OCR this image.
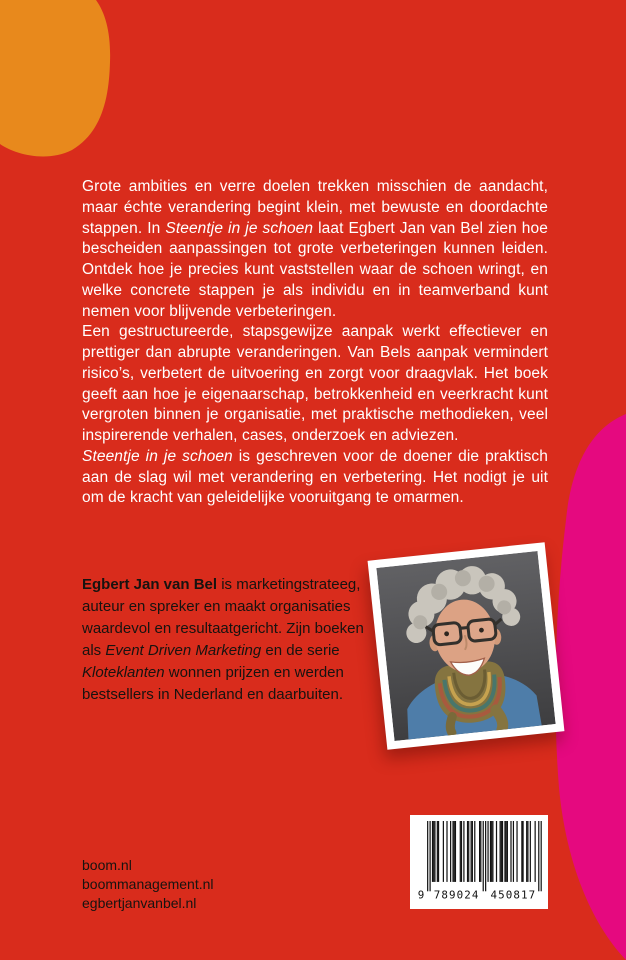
Grote ambities en verre doelen trekken misschien de aandacht, maar échte verandering begint klein, met bewuste en doordachte stappen. In Steentje in je schoen laat Egbert Jan van Bel zien hoe bescheiden aanpassingen tot grote verbeteringen kunnen leiden. Ontdek hoe je precies kunt vaststellen waar de schoen wringt, en welke concrete stappen je als individu en in teamverband kunt nemen voor blijvende verbeteringen.

Een gestructureerde, stapsgewijze aanpak werkt effectiever en prettiger dan abrupte veranderingen. Van Bels aanpak vermindert risico’s, verbetert de uitvoering en zorgt voor draagvlak. Het boek geeft aan hoe je eigenaarschap, betrokkenheid en veerkracht kunt vergroten binnen je organisatie, met praktische methodieken, veel inspirerende verhalen, cases, onderzoek en adviezen.

Steentje in je schoen is geschreven voor de doener die praktisch aan de slag wil met verandering en verbetering. Het nodigt je uit om de kracht van geleidelijke vooruitgang te omarmen.

Egbert Jan van Bel is marketingstrateeg,
auteur en spreker en maakt organisaties
waardevol en resultaatgericht. Zijn boeken
als Event Driven Marketing en de serie
Kloteklanten wonnen prijzen en werden
bestsellers in Nederland en daarbuiten.
boom.nl
boommanagement.nl
egbertjanvanbel.nl
9 789024 450817
